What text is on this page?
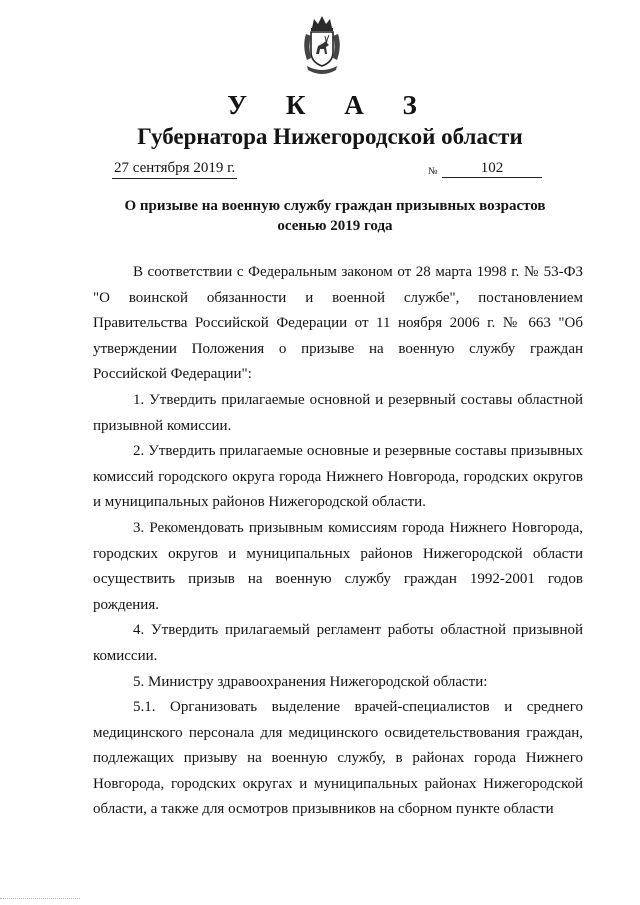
У К А З
Губернатора Нижегородской области
27 сентября 2019 г.	№	102
О призыве на военную службу граждан призывных возрастов
осенью 2019 года

В соответствии с Федеральным законом от 28 марта 1998 г. № 53-ФЗ "О воинской обязанности и военной службе", постановлением Правительства Российской Федерации от 11 ноября 2006 г. № 663 "Об утверждении Положения о призыве на военную службу граждан Российской Федерации":

1. Утвердить прилагаемые основной и резервный составы областной призывной комиссии.

2. Утвердить прилагаемые основные и резервные составы призывных комиссий городского округа города Нижнего Новгорода, городских округов и муниципальных районов Нижегородской области.

3. Рекомендовать призывным комиссиям города Нижнего Новгорода, городских округов и муниципальных районов Нижегородской области осуществить призыв на военную службу граждан 1992-2001 годов рождения.

4. Утвердить прилагаемый регламент работы областной призывной комиссии.

5. Министру здравоохранения Нижегородской области:

5.1. Организовать выделение врачей-специалистов и среднего медицинского персонала для медицинского освидетельствования граждан, подлежащих призыву на военную службу, в районах города Нижнего Новгорода, городских округах и муниципальных районах Нижегородской области, а также для осмотров призывников на сборном пункте области
